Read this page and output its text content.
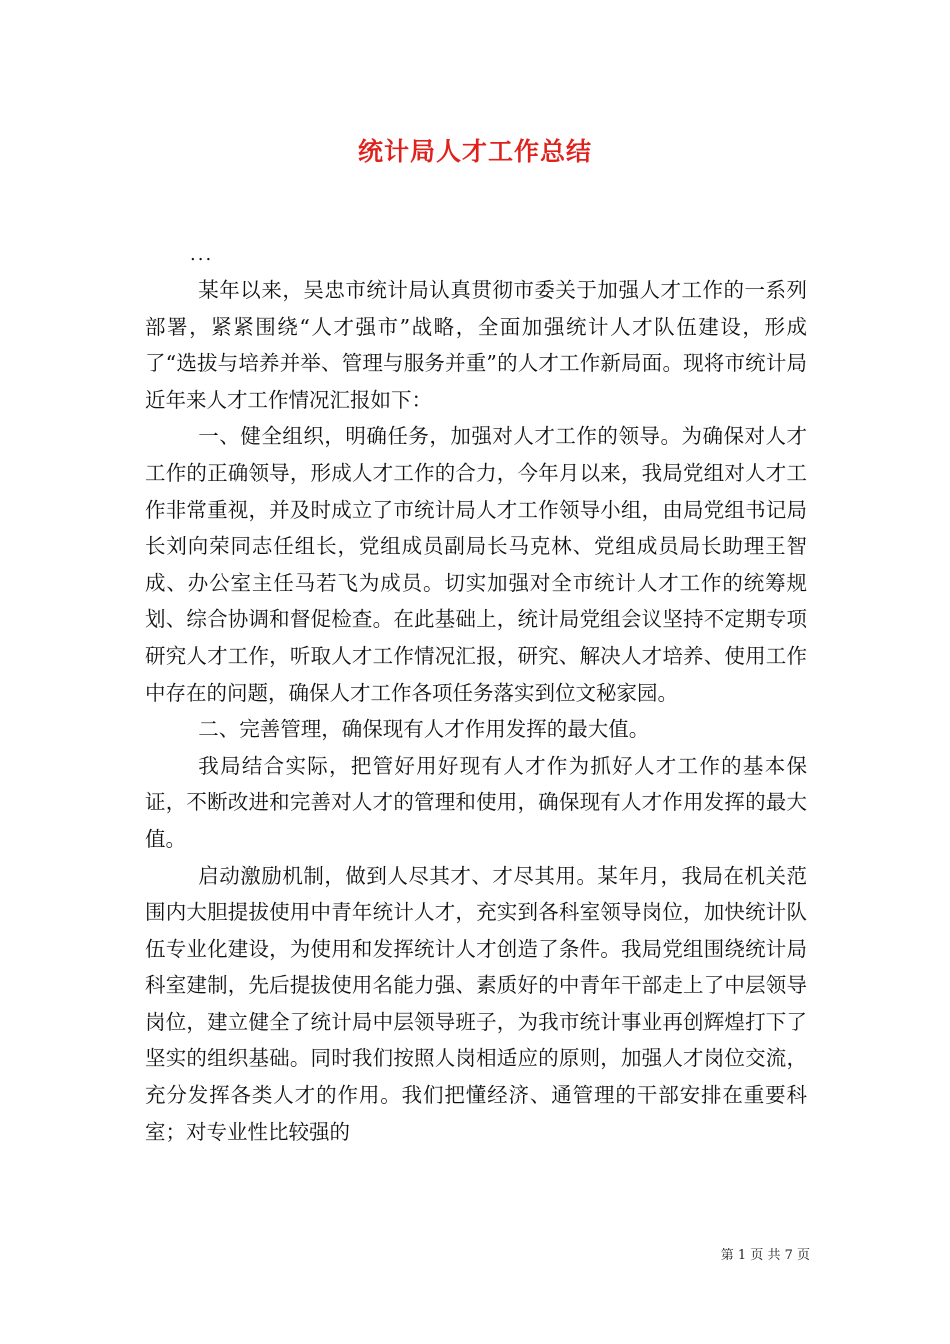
统计局人才工作总结
...

某年以来，吴忠市统计局认真贯彻市委关于加强人才工作的一系列部署，紧紧围绕“人才强市”战略，全面加强统计人才队伍建设，形成了“选拔与培养并举、管理与服务并重”的人才工作新局面。现将市统计局近年来人才工作情况汇报如下：

一、健全组织，明确任务，加强对人才工作的领导。为确保对人才工作的正确领导，形成人才工作的合力，今年月以来，我局党组对人才工作非常重视，并及时成立了市统计局人才工作领导小组，由局党组书记局长刘向荣同志任组长，党组成员副局长马克林、党组成员局长助理王智成、办公室主任马若飞为成员。切实加强对全市统计人才工作的统筹规划、综合协调和督促检查。在此基础上，统计局党组会议坚持不定期专项研究人才工作，听取人才工作情况汇报，研究、解决人才培养、使用工作中存在的问题，确保人才工作各项任务落实到位文秘家园。

二、完善管理，确保现有人才作用发挥的最大值。

我局结合实际，把管好用好现有人才作为抓好人才工作的基本保证，不断改进和完善对人才的管理和使用，确保现有人才作用发挥的最大值。

启动激励机制，做到人尽其才、才尽其用。某年月，我局在机关范围内大胆提拔使用中青年统计人才，充实到各科室领导岗位，加快统计队伍专业化建设，为使用和发挥统计人才创造了条件。我局党组围绕统计局科室建制，先后提拔使用名能力强、素质好的中青年干部走上了中层领导岗位，建立健全了统计局中层领导班子，为我市统计事业再创辉煌打下了坚实的组织基础。同时我们按照人岗相适应的原则，加强人才岗位交流，充分发挥各类人才的作用。我们把懂经济、通管理的干部安排在重要科室；对专业性比较强的

第 1 页 共 7 页
